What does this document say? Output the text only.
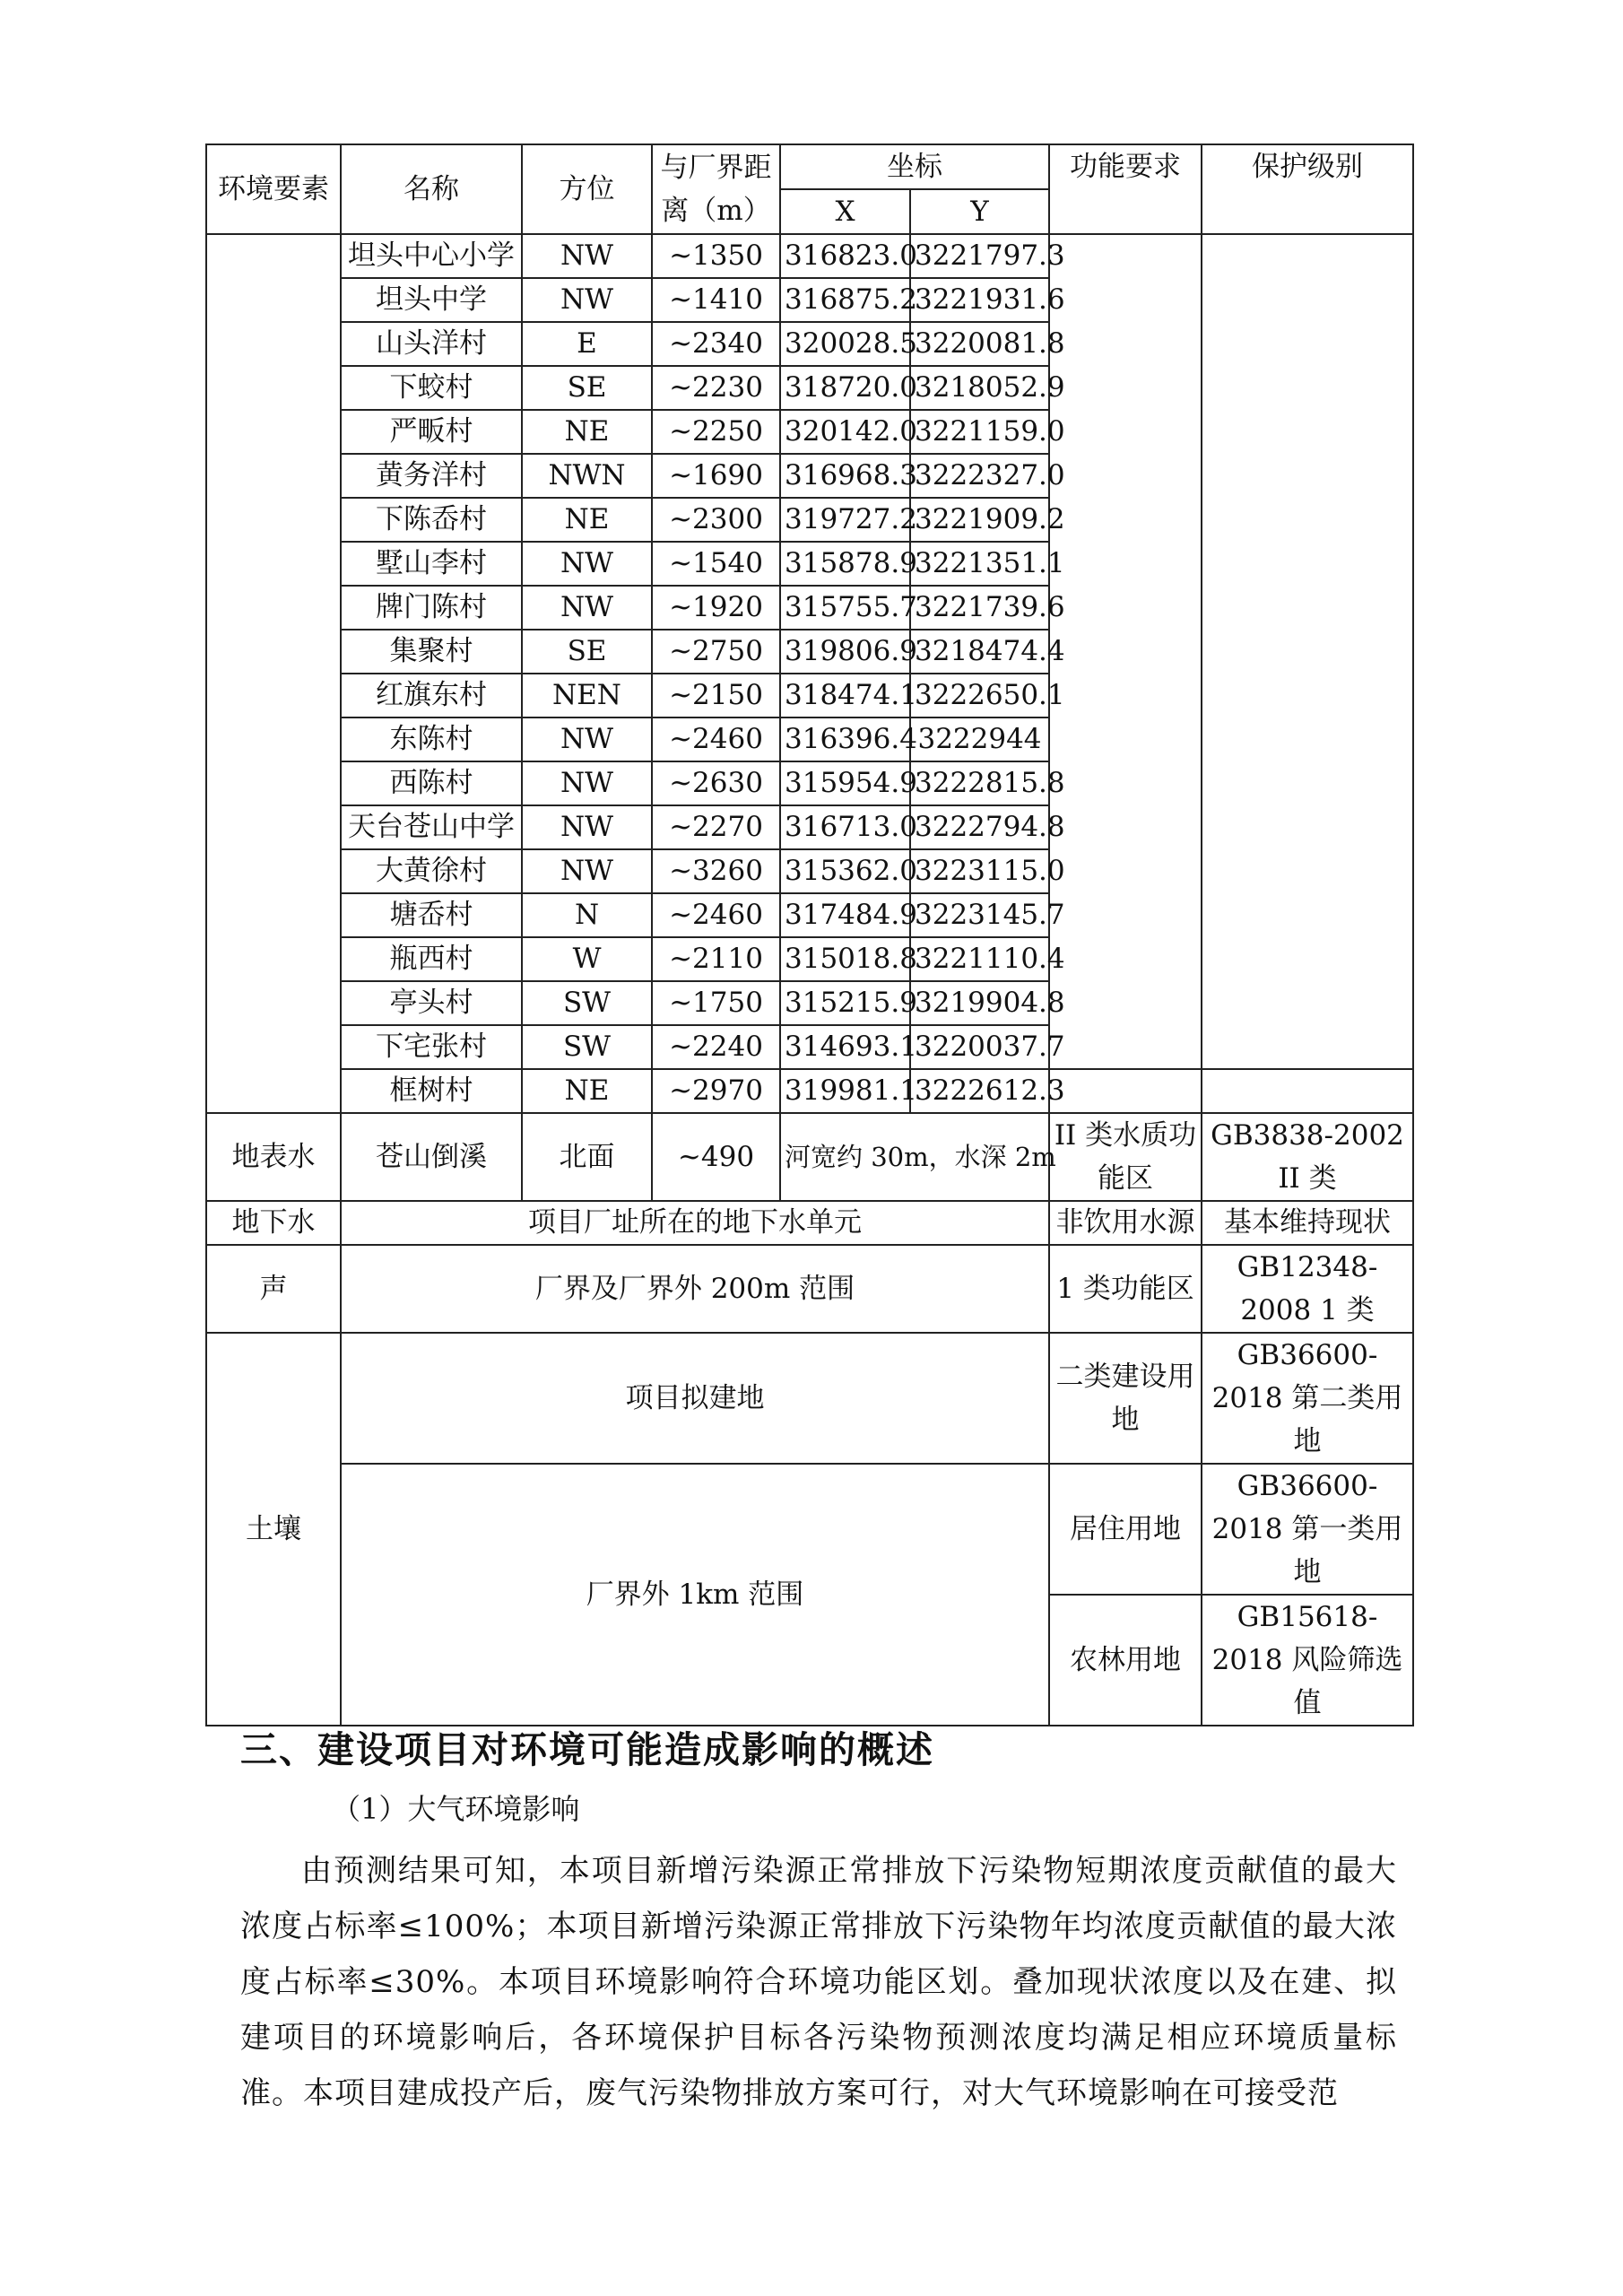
环境要素	名称	方位	与厂界距离（m）	坐标		功能要求	保护级别
				X	Y		
	坦头中心小学	NW	~1350	316823.0	3221797.3		
	坦头中学	NW	~1410	316875.2	3221931.6		
	山头洋村	E	~2340	320028.5	3220081.8		
	下蛟村	SE	~2230	318720.0	3218052.9		
	严畈村	NE	~2250	320142.0	3221159.0		
	黄务洋村	NWN	~1690	316968.3	3222327.0		
	下陈岙村	NE	~2300	319727.2	3221909.2		
	墅山李村	NW	~1540	315878.9	3221351.1		
	牌门陈村	NW	~1920	315755.7	3221739.6		
	集聚村	SE	~2750	319806.9	3218474.4		
	红旗东村	NEN	~2150	318474.1	3222650.1		
	东陈村	NW	~2460	316396.4	3222944		
	西陈村	NW	~2630	315954.9	3222815.8		
	天台苍山中学	NW	~2270	316713.0	3222794.8		
	大黄徐村	NW	~3260	315362.0	3223115.0		
	塘岙村	N	~2460	317484.9	3223145.7		
	瓶西村	W	~2110	315018.8	3221110.4		
	亭头村	SW	~1750	315215.9	3219904.8		
	下宅张村	SW	~2240	314693.1	3220037.7		
	框树村	NE	~2970	319981.1	3222612.3		
地表水	苍山倒溪	北面	~490	河宽约 30m，水深 2m		II 类水质功能区	GB3838-2002 II 类
地下水	项目厂址所在的地下水单元					非饮用水源	基本维持现状
声	厂界及厂界外 200m 范围					1 类功能区	GB12348-2008 1 类
土壤	项目拟建地					二类建设用地	GB36600-2018 第二类用地
	厂界外 1km 范围					居住用地	GB36600-2018 第一类用地
						农林用地	GB15618-2018 风险筛选值
三、建设项目对环境可能造成影响的概述
（1）大气环境影响
由预测结果可知，本项目新增污染源正常排放下污染物短期浓度贡献值的最大浓度占标率≤100%；本项目新增污染源正常排放下污染物年均浓度贡献值的最大浓度占标率≤30%。本项目环境影响符合环境功能区划。叠加现状浓度以及在建、拟建项目的环境影响后，各环境保护目标各污染物预测浓度均满足相应环境质量标准。本项目建成投产后，废气污染物排放方案可行，对大气环境影响在可接受范
